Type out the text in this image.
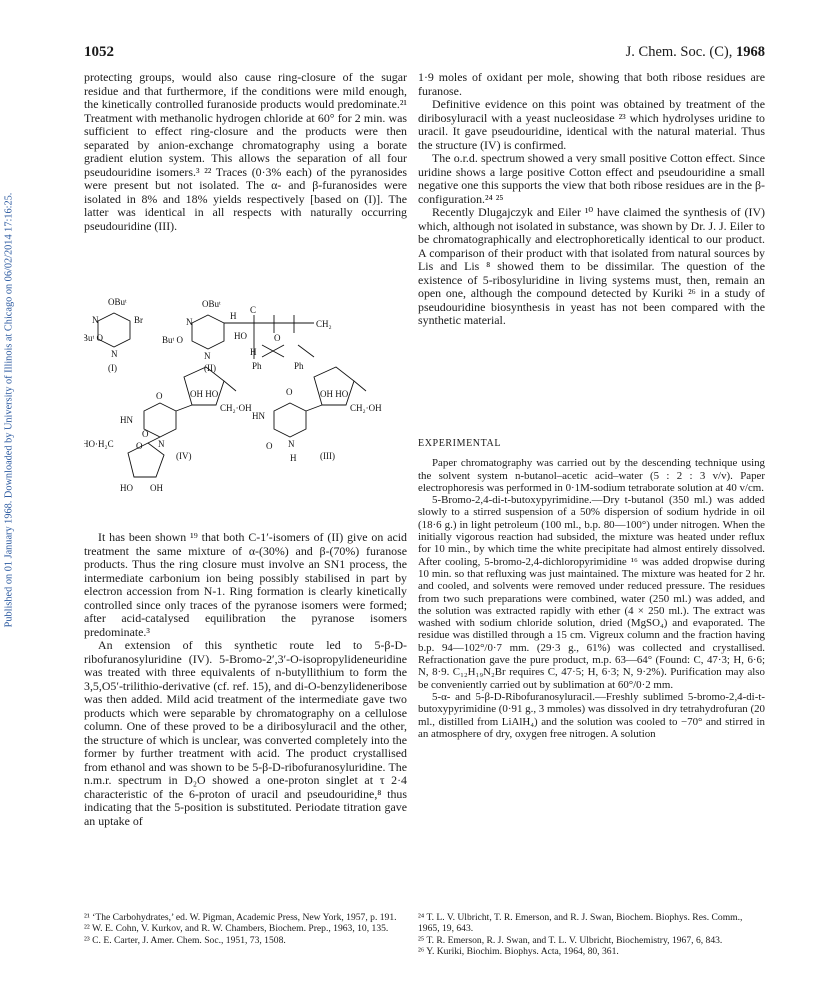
Published on 01 January 1968. Downloaded by University of Illinois at Chicago on 06/02/2014 17:16:25.
1052	J. Chem. Soc. (C), 1968

protecting groups, would also cause ring-closure of the sugar residue and that furthermore, if the conditions were mild enough, the kinetically controlled furanoside products would predominate.²¹ Treatment with methanolic hydrogen chloride at 60° for 2 min. was sufficient to effect ring-closure and the products were then separated by anion-exchange chromatography using a borate gradient elution system. This allows the separation of all four pseudouridine isomers.³ ²² Traces (0·3% each) of the pyranosides were present but not isolated. The α- and β-furanosides were isolated in 8% and 18% yields respectively [based on (I)]. The latter was identical in all respects with naturally occurring pseudouridine (III).

OBuᵗ
N	Br
Buᵗ O
N
(I)
OBuᵗ
N
C
H
CH₂
Buᵗ O
N
HO	O
H
Ph
(II)	Ph
O
HN
O N
OH HO
CH₂·OH
HO·H₂C
O
HO OH
(IV)
O
HN
O N
H
OH HO
CH₂·OH
(III)

It has been shown ¹⁹ that both C-1′-isomers of (II) give on acid treatment the same mixture of α-(30%) and β-(70%) furanose products. Thus the ring closure must involve an SN1 process, the intermediate carbonium ion being possibly stabilised in part by electron accession from N-1. Ring formation is clearly kinetically controlled since only traces of the pyranose isomers were formed; after acid-catalysed equilibration the pyranose isomers predominate.³

An extension of this synthetic route led to 5-β-D-ribofuranosyluridine (IV). 5-Bromo-2′,3′-O-isopropylideneuridine was treated with three equivalents of n-butyllithium to form the 3,5,O5′-trilithio-derivative (cf. ref. 15), and di-O-benzylideneribose was then added. Mild acid treatment of the intermediate gave two products which were separable by chromatography on a cellulose column. One of these proved to be a diribosyluracil and the other, the structure of which is unclear, was converted completely into the former by further treatment with acid. The product crystallised from ethanol and was shown to be 5-β-D-ribofuranosyluridine. The n.m.r. spectrum in D₂O showed a one-proton singlet at τ 2·4 characteristic of the 6-proton of uracil and pseudouridine,⁸ thus indicating that the 5-position is substituted. Periodate titration gave an uptake of

1·9 moles of oxidant per mole, showing that both ribose residues are furanose.

Definitive evidence on this point was obtained by treatment of the diribosyluracil with a yeast nucleosidase ²³ which hydrolyses uridine to uracil. It gave pseudouridine, identical with the natural material. Thus the structure (IV) is confirmed.

The o.r.d. spectrum showed a very small positive Cotton effect. Since uridine shows a large positive Cotton effect and pseudouridine a small negative one this supports the view that both ribose residues are in the β-configuration.²⁴ ²⁵

Recently Dlugajczyk and Eiler ¹⁰ have claimed the synthesis of (IV) which, although not isolated in substance, was shown by Dr. J. J. Eiler to be chromatographically and electrophoretically identical to our product. A comparison of their product with that isolated from natural sources by Lis and Lis ⁸ showed them to be dissimilar. The question of the existence of 5-ribosyluridine in living systems must, then, remain an open one, although the compound detected by Kuriki ²⁶ in a study of pseudouridine biosynthesis in yeast has not been compared with the synthetic material.

EXPERIMENTAL

Paper chromatography was carried out by the descending technique using the solvent system n-butanol–acetic acid–water (5 : 2 : 3 v/v). Paper electrophoresis was performed in 0·1M-sodium tetraborate solution at 40 v/cm.

5-Bromo-2,4-di-t-butoxypyrimidine.—Dry t-butanol (350 ml.) was added slowly to a stirred suspension of a 50% dispersion of sodium hydride in oil (18·6 g.) in light petroleum (100 ml., b.p. 80—100°) under nitrogen. When the initially vigorous reaction had subsided, the mixture was heated under reflux for 10 min., by which time the white precipitate had almost entirely dissolved. After cooling, 5-bromo-2,4-dichloropyrimidine ¹⁶ was added dropwise during 10 min. so that refluxing was just maintained. The mixture was heated for 2 hr. and cooled, and solvents were removed under reduced pressure. The residues from two such preparations were combined, water (250 ml.) was added, and the solution was extracted rapidly with ether (4 × 250 ml.). The extract was washed with sodium chloride solution, dried (MgSO₄) and evaporated. The residue was distilled through a 15 cm. Vigreux column and the fraction having b.p. 94—102°/0·7 mm. (29·3 g., 61%) was collected and crystallised. Refractionation gave the pure product, m.p. 63—64° (Found: C, 47·3; H, 6·6; N, 8·9. C₁₂H₁₉N₂Br requires C, 47·5; H, 6·3; N, 9·2%). Purification may also be conveniently carried out by sublimation at 60°/0·2 mm.

5-α- and 5-β-D-Ribofuranosyluracil.—Freshly sublimed 5-bromo-2,4-di-t-butoxypyrimidine (0·91 g., 3 mmoles) was dissolved in dry tetrahydrofuran (20 ml., distilled from LiAlH₄) and the solution was cooled to −70° and stirred in an atmosphere of dry, oxygen free nitrogen. A solution

²¹ ‘The Carbohydrates,’ ed. W. Pigman, Academic Press, New York, 1957, p. 191.

²² W. E. Cohn, V. Kurkov, and R. W. Chambers, Biochem. Prep., 1963, 10, 135.

²³ C. E. Carter, J. Amer. Chem. Soc., 1951, 73, 1508.

²⁴ T. L. V. Ulbricht, T. R. Emerson, and R. J. Swan, Biochem. Biophys. Res. Comm., 1965, 19, 643.

²⁵ T. R. Emerson, R. J. Swan, and T. L. V. Ulbricht, Biochemistry, 1967, 6, 843.

²⁶ Y. Kuriki, Biochim. Biophys. Acta, 1964, 80, 361.
